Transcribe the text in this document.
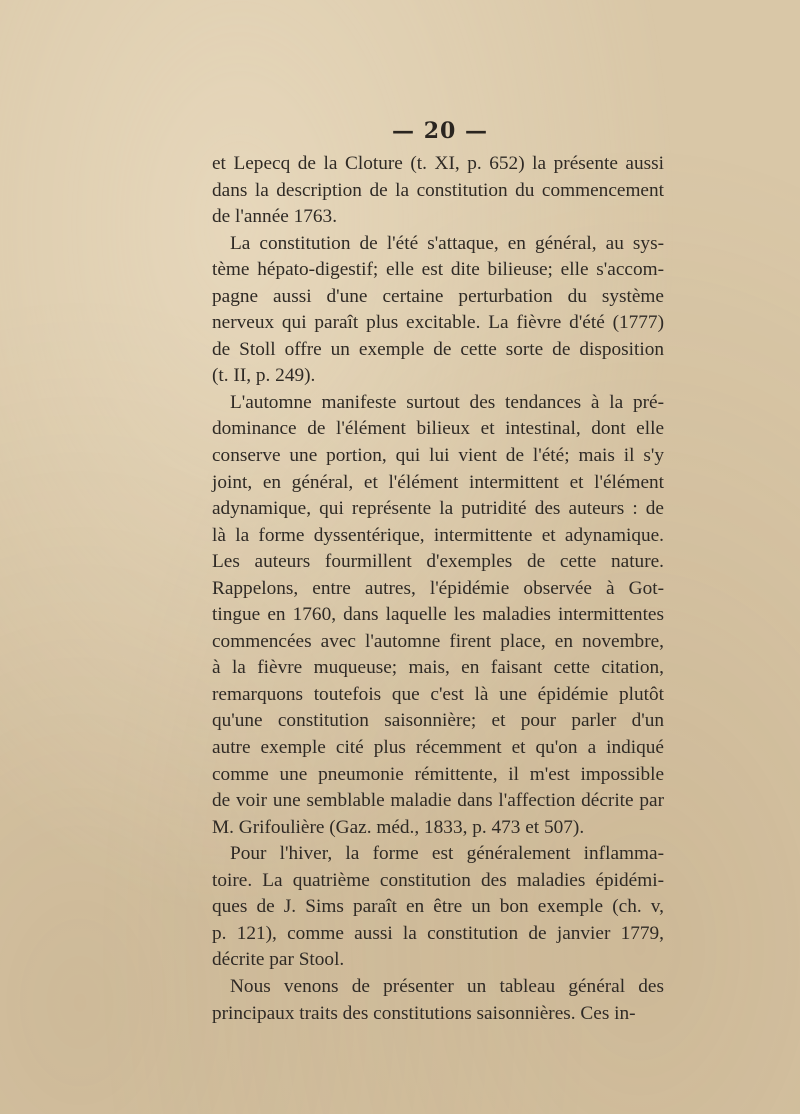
— 20 —
et Lepecq de la Cloture (t. XI, p. 652) la présente aussi
dans la description de la constitution du commencement
de l'année 1763.
La constitution de l'été s'attaque, en général, au sys-
tème hépato-digestif; elle est dite bilieuse; elle s'accom-
pagne aussi d'une certaine perturbation du système
nerveux qui paraît plus excitable. La fièvre d'été (1777)
de Stoll offre un exemple de cette sorte de disposition
(t. II, p. 249).
L'automne manifeste surtout des tendances à la pré-
dominance de l'élément bilieux et intestinal, dont elle
conserve une portion, qui lui vient de l'été; mais il s'y
joint, en général, et l'élément intermittent et l'élément
adynamique, qui représente la putridité des auteurs : de
là la forme dyssentérique, intermittente et adynamique.
Les auteurs fourmillent d'exemples de cette nature.
Rappelons, entre autres, l'épidémie observée à Got-
tingue en 1760, dans laquelle les maladies intermittentes
commencées avec l'automne firent place, en novembre,
à la fièvre muqueuse; mais, en faisant cette citation,
remarquons toutefois que c'est là une épidémie plutôt
qu'une constitution saisonnière; et pour parler d'un
autre exemple cité plus récemment et qu'on a indiqué
comme une pneumonie rémittente, il m'est impossible
de voir une semblable maladie dans l'affection décrite par
M. Grifoulière (Gaz. méd., 1833, p. 473 et 507).
Pour l'hiver, la forme est généralement inflamma-
toire. La quatrième constitution des maladies épidémi-
ques de J. Sims paraît en être un bon exemple (ch. v,
p. 121), comme aussi la constitution de janvier 1779,
décrite par Stool.
Nous venons de présenter un tableau général des
principaux traits des constitutions saisonnières. Ces in-
